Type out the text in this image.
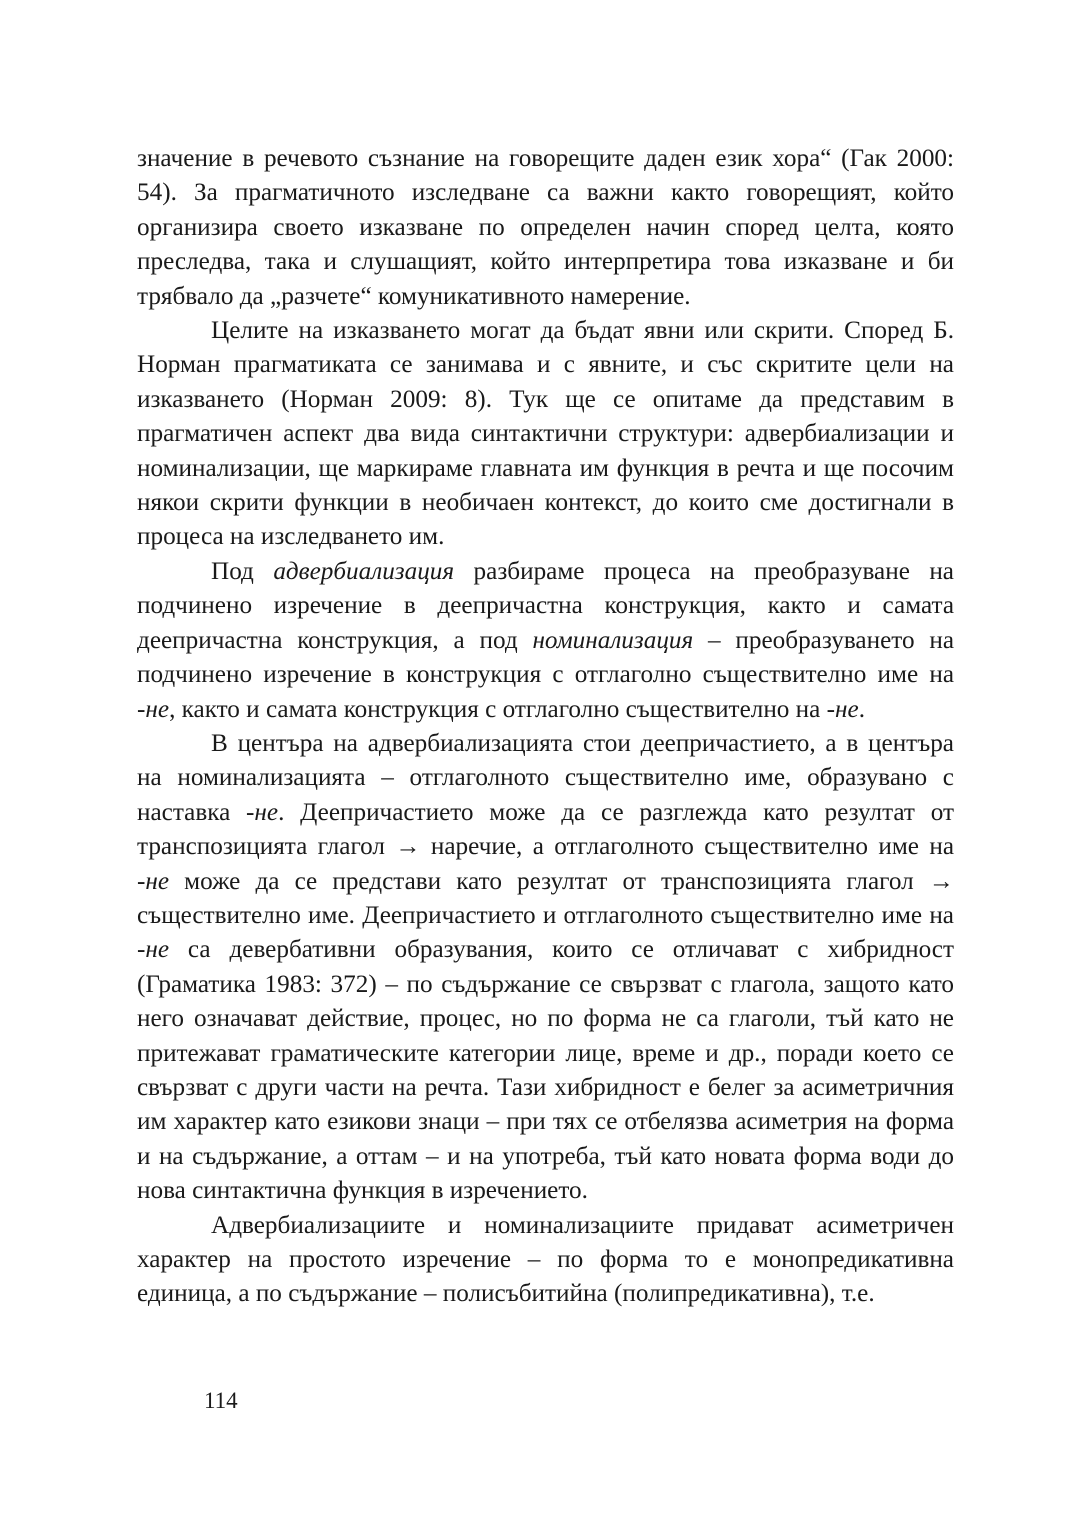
значение в речевото съзнание на говорещите даден език хора“ (Гак 2000: 54). За прагматичното изследване са важни както говорещият, който организира своето изказване по определен начин според целта, която преследва, така и слушащият, който интерпретира това изказване и би трябвало да „разчете“ комуникативното намерение.

Целите на изказването могат да бъдат явни или скрити. Според Б. Норман прагматиката се занимава и с явните, и със скритите цели на изказването (Норман 2009: 8). Тук ще се опитаме да представим в прагматичен аспект два вида синтактични структури: адвербиализации и номинализации, ще маркираме главната им функция в речта и ще посочим някои скрити функции в необичаен контекст, до които сме достигнали в процеса на изследването им.

Под адвербиализация разбираме процеса на преобразуване на подчинено изречение в деепричастна конструкция, както и самата деепричастна конструкция, а под номинализация – преобразуването на подчинено изречение в конструкция с отглаголно съществително име на -не, както и самата конструкция с отглаголно съществително на -не.

В центъра на адвербиализацията стои деепричастието, а в центъра на номинализацията – отглаголното съществително име, образувано с наставка -не. Деепричастието може да се разглежда като резултат от транспозицията глагол → наречие, а отглаголното съществително име на -не може да се представи като резултат от транспозицията глагол → съществително име. Деепричастието и отглаголното съществително име на -не са девербативни образувания, които се отличават с хибридност (Граматика 1983: 372) – по съдържание се свързват с глагола, защото като него означават действие, процес, но по форма не са глаголи, тъй като не притежават граматическите категории лице, време и др., поради което се свързват с други части на речта. Тази хибридност е белег за асиметричния им характер като езикови знаци – при тях се отбелязва асиметрия на форма и на съдържание, а оттам – и на употреба, тъй като новата форма води до нова синтактична функция в изречението.

Адвербиализациите и номинализациите придават асиметричен характер на простото изречение – по форма то е монопредикативна единица, а по съдържание – полисъбитийна (полипредикативна), т.е.

114
